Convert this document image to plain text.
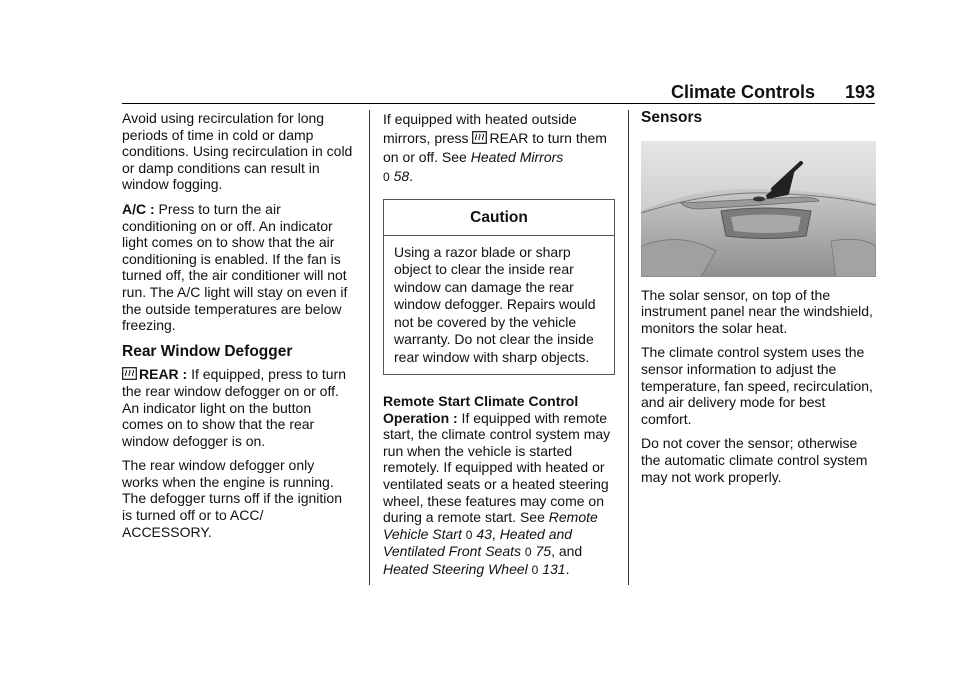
Climate Controls 193

Avoid using recirculation for long periods of time in cold or damp conditions. Using recirculation in cold or damp conditions can result in window fogging.

A/C : Press to turn the air conditioning on or off. An indicator light comes on to show that the air conditioning is enabled. If the fan is turned off, the air conditioner will not run. The A/C light will stay on even if the outside temperatures are below freezing.

Rear Window Defogger

REAR : If equipped, press to turn the rear window defogger on or off. An indicator light on the button comes on to show that the rear window defogger is on.

The rear window defogger only works when the engine is running. The defogger turns off if the ignition is turned off or to ACC/ ACCESSORY.

If equipped with heated outside mirrors, press REAR to turn them on or off. See Heated Mirrors
0 58.

Caution
Using a razor blade or sharp object to clear the inside rear window can damage the rear window defogger. Repairs would not be covered by the vehicle warranty. Do not clear the inside rear window with sharp objects.

Remote Start Climate Control Operation : If equipped with remote start, the climate control system may run when the vehicle is started remotely. If equipped with heated or ventilated seats or a heated steering wheel, these features may come on during a remote start. See Remote Vehicle Start 0 43, Heated and Ventilated Front Seats 0 75, and Heated Steering Wheel 0 131.

Sensors

The solar sensor, on top of the instrument panel near the windshield, monitors the solar heat.

The climate control system uses the sensor information to adjust the temperature, fan speed, recirculation, and air delivery mode for best comfort.

Do not cover the sensor; otherwise the automatic climate control system may not work properly.
